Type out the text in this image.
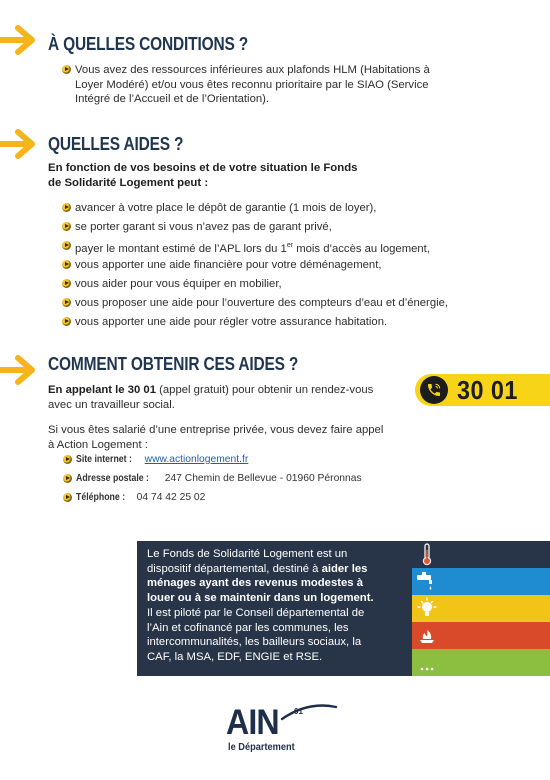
À QUELLES CONDITIONS ?
Vous avez des ressources inférieures aux plafonds HLM (Habitations à
Loyer Modéré) et/ou vous êtes reconnu prioritaire par le SIAO (Service
Intégré de l’Accueil et de l’Orientation).
QUELLES AIDES ?
En fonction de vos besoins et de votre situation le Fonds
de Solidarité Logement peut :
avancer à votre place le dépôt de garantie (1 mois de loyer),
se porter garant si vous n’avez pas de garant privé,
payer le montant estimé de l’APL lors du 1er mois d’accès au logement,
vous apporter une aide financière pour votre déménagement,
vous aider pour vous équiper en mobilier,
vous proposer une aide pour l’ouverture des compteurs d’eau et d’énergie,
vous apporter une aide pour régler votre assurance habitation.
COMMENT OBTENIR CES AIDES ?
En appelant le 30 01 (appel gratuit) pour obtenir un rendez-vous
avec un travailleur social.	30 01
Si vous êtes salarié d’une entreprise privée, vous devez faire appel
à Action Logement :
Site internet : www.actionlogement.fr
Adresse postale : 247 Chemin de Bellevue - 01960 Péronnas
Téléphone : 04 74 42 25 02
Le Fonds de Solidarité Logement est un
dispositif départemental, destiné à aider les
ménages ayant des revenus modestes à
louer ou à se maintenir dans un logement.
Il est piloté par le Conseil départemental de
l’Ain et cofinancé par les communes, les
intercommunalités, les bailleurs sociaux, la
CAF, la MSA, EDF, ENGIE et RSE.
AIN 01
le Département
